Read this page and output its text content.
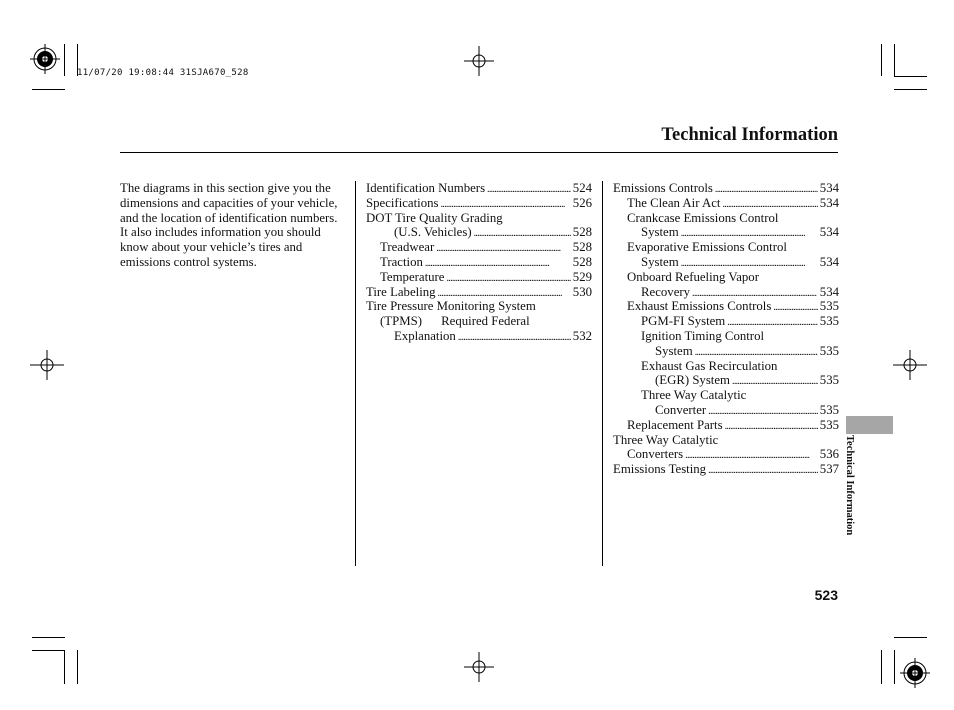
11/07/20 19:08:44 31SJA670_528
Technical Information

The diagrams in this section give you the dimensions and capacities of your vehicle, and the location of identification numbers. It also includes information you should know about your vehicle’s tires and emissions control systems.

Identification Numbers . . .	524
Specifications . . .	526
DOT Tire Quality Grading
(U.S. Vehicles) . . .	528
Treadwear . . .	528
Traction . . .	528
Temperature . . .	529
Tire Labeling . . .	530
Tire Pressure Monitoring System
(TPMS)      Required Federal
Explanation . . .	532
Emissions Controls . . .	534
The Clean Air Act . . .	534
Crankcase Emissions Control
System . . .	534
Evaporative Emissions Control
System . . .	534
Onboard Refueling Vapor
Recovery . . .	534
Exhaust Emissions Controls . . .	535
PGM-FI System . . .	535
Ignition Timing Control
System . . .	535
Exhaust Gas Recirculation
(EGR) System . . .	535
Three Way Catalytic
Converter . . .	535
Replacement Parts . . .	535
Three Way Catalytic
Converters . . .	536
Emissions Testing . . .	537 Technical Information
523
